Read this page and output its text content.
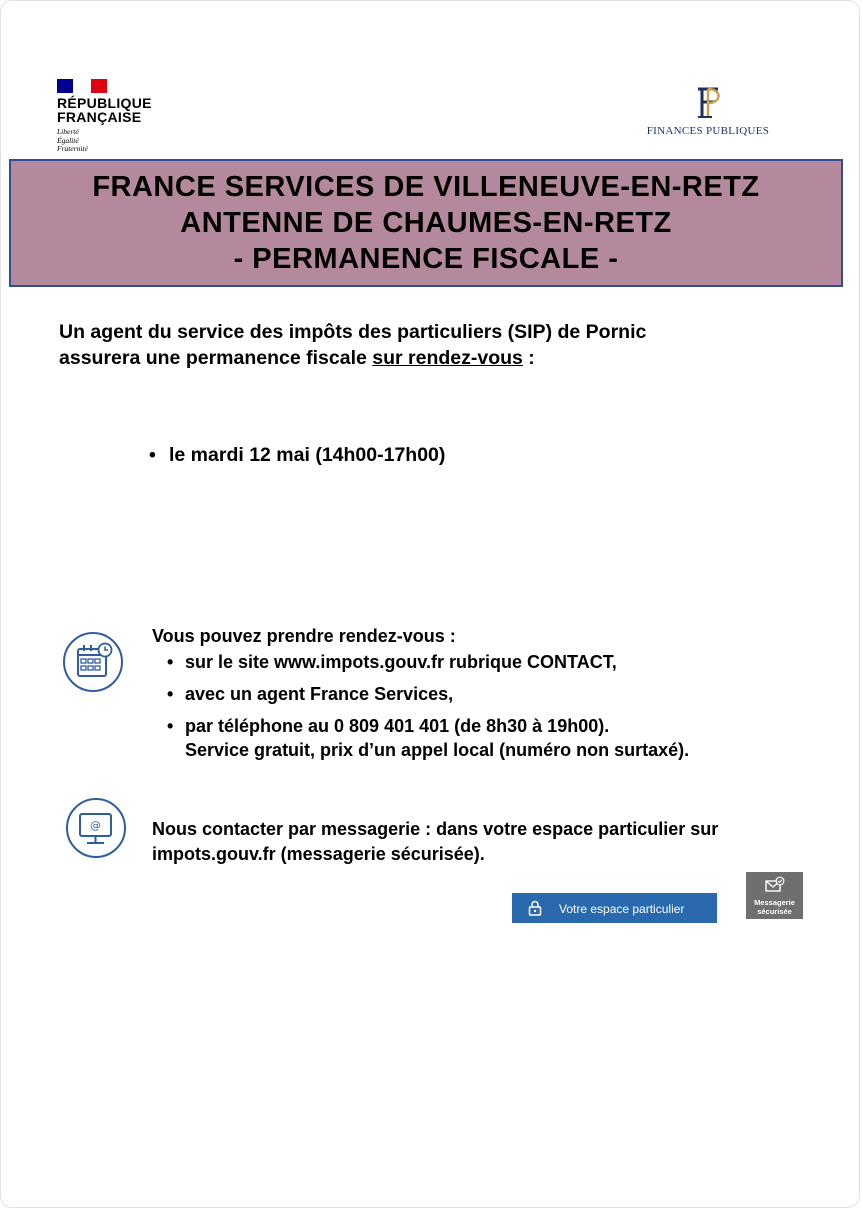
RÉPUBLIQUE
FRANÇAISE
Liberté
Égalité
Fraternité
FINANCES PUBLIQUES
FRANCE SERVICES DE VILLENEUVE-EN-RETZ
ANTENNE DE CHAUMES-EN-RETZ
- PERMANENCE FISCALE -
Un agent du service des impôts des particuliers (SIP) de Pornic
assurera une permanence fiscale sur rendez-vous :
• le mardi 12 mai (14h00-17h00)
Vous pouvez prendre rendez-vous :
• sur le site www.impots.gouv.fr rubrique CONTACT,
• avec un agent France Services,
• par téléphone au 0 809 401 401 (de 8h30 à 19h00).
Service gratuit, prix d’un appel local (numéro non surtaxé).
@	Nous contacter par messagerie : dans votre espace particulier sur
impots.gouv.fr (messagerie sécurisée).
Votre espace particulier	Messagerie
sécurisée
